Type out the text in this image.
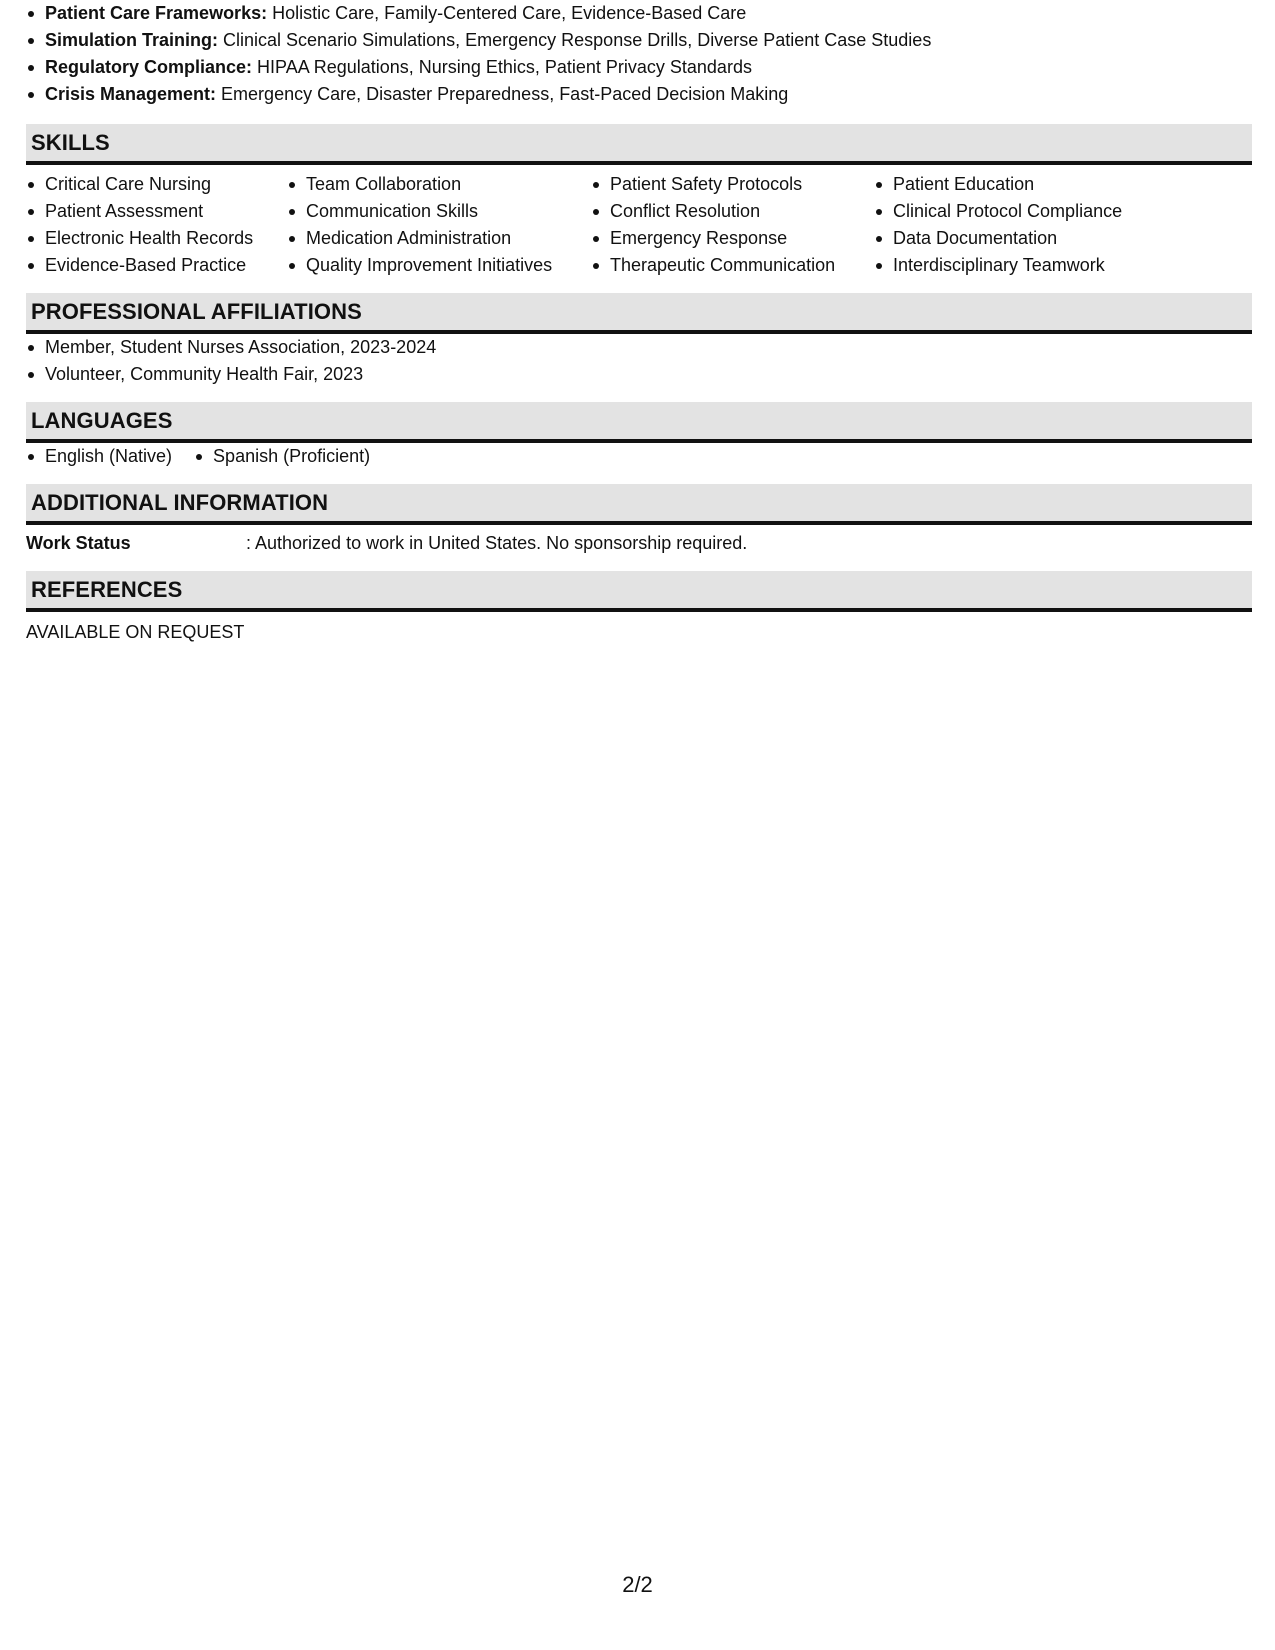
Patient Care Frameworks: Holistic Care, Family-Centered Care, Evidence-Based Care
Simulation Training: Clinical Scenario Simulations, Emergency Response Drills, Diverse Patient Case Studies
Regulatory Compliance: HIPAA Regulations, Nursing Ethics, Patient Privacy Standards
Crisis Management: Emergency Care, Disaster Preparedness, Fast-Paced Decision Making
SKILLS
Critical Care Nursing
Patient Assessment
Electronic Health Records
Evidence-Based Practice
Team Collaboration
Communication Skills
Medication Administration
Quality Improvement Initiatives
Patient Safety Protocols
Conflict Resolution
Emergency Response
Therapeutic Communication
Patient Education
Clinical Protocol Compliance
Data Documentation
Interdisciplinary Teamwork
PROFESSIONAL AFFILIATIONS
Member, Student Nurses Association, 2023-2024
Volunteer, Community Health Fair, 2023
LANGUAGES
English (Native)	Spanish (Proficient)
ADDITIONAL INFORMATION
Work Status	: Authorized to work in United States. No sponsorship required.
REFERENCES
AVAILABLE ON REQUEST
2/2
